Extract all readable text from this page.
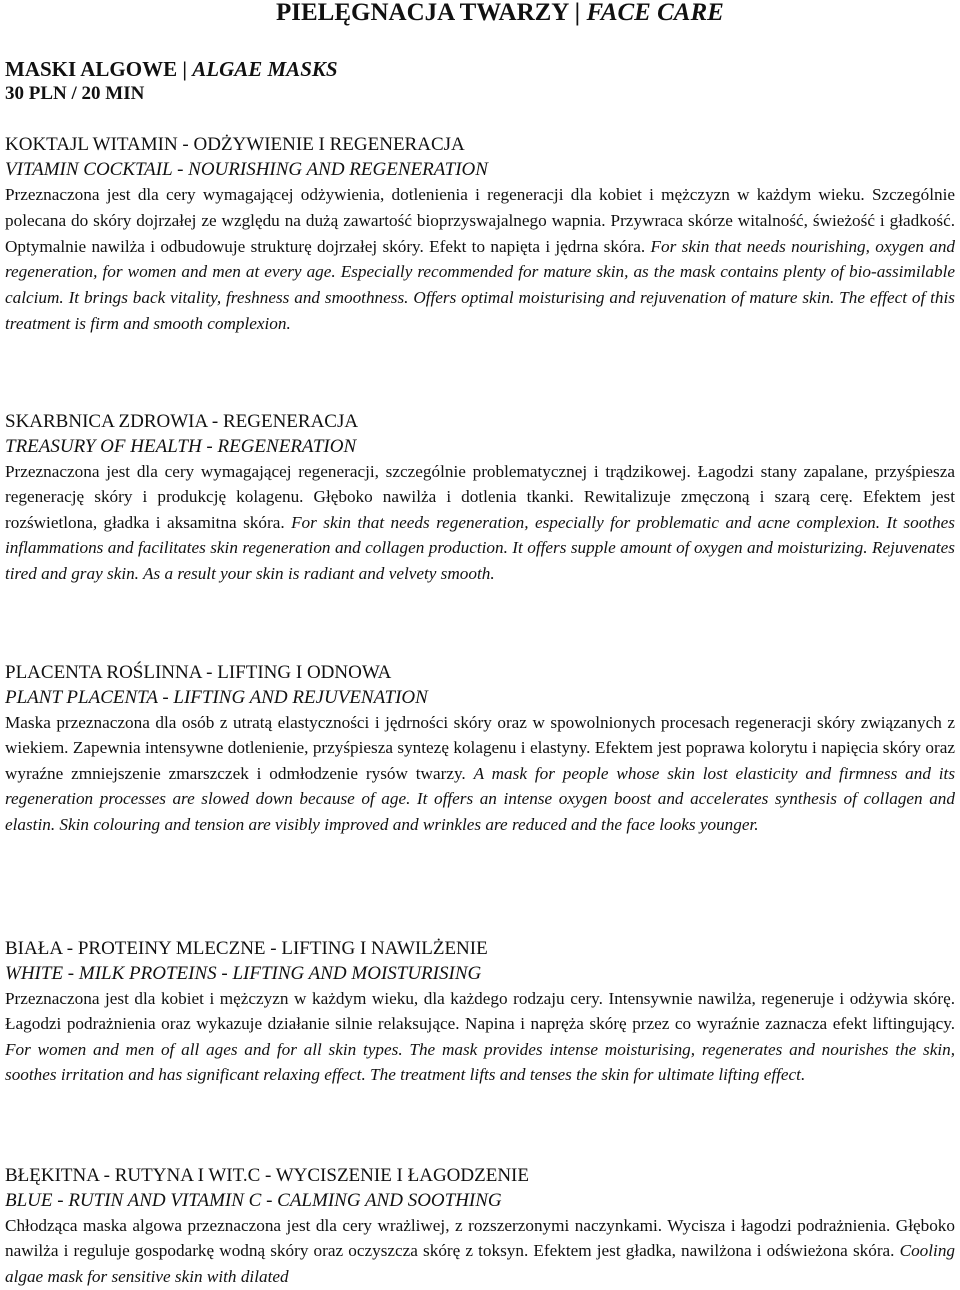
PIELĘGNACJA TWARZY | FACE CARE
MASKI ALGOWE | ALGAE MASKS
30 PLN / 20 MIN
KOKTAJL WITAMIN - ODŻYWIENIE I REGENERACJA
VITAMIN COCKTAIL - NOURISHING AND REGENERATION

Przeznaczona jest dla cery wymagającej odżywienia, dotlenienia i regeneracji dla kobiet i mężczyzn w każdym wieku. Szczególnie polecana do skóry dojrzałej ze względu na dużą zawartość bioprzyswajalnego wapnia. Przywraca skórze witalność, świeżość i gładkość. Optymalnie nawilża i odbudowuje strukturę dojrzałej skóry. Efekt to napięta i jędrna skóra. For skin that needs nourishing, oxygen and regeneration, for women and men at every age. Especially recommended for mature skin, as the mask contains plenty of bio-assimilable calcium. It brings back vitality, freshness and smoothness. Offers optimal moisturising and rejuvenation of mature skin. The effect of this treatment is firm and smooth complexion.

SKARBNICA ZDROWIA - REGENERACJA
TREASURY OF HEALTH - REGENERATION

Przeznaczona jest dla cery wymagającej regeneracji, szczególnie problematycznej i trądzikowej. Łagodzi stany zapalane, przyśpiesza regenerację skóry i produkcję kolagenu. Głęboko nawilża i dotlenia tkanki. Rewitalizuje zmęczoną i szarą cerę. Efektem jest rozświetlona, gładka i aksamitna skóra. For skin that needs regeneration, especially for problematic and acne complexion. It soothes inflammations and facilitates skin regeneration and collagen production. It offers supple amount of oxygen and moisturizing. Rejuvenates tired and gray skin. As a result your skin is radiant and velvety smooth.

PLACENTA ROŚLINNA - LIFTING I ODNOWA
PLANT PLACENTA - LIFTING AND REJUVENATION

Maska przeznaczona dla osób z utratą elastyczności i jędrności skóry oraz w spowolnionych procesach regeneracji skóry związanych z wiekiem. Zapewnia intensywne dotlenienie, przyśpiesza syntezę kolagenu i elastyny. Efektem jest poprawa kolorytu i napięcia skóry oraz wyraźne zmniejszenie zmarszczek i odmłodzenie rysów twarzy. A mask for people whose skin lost elasticity and firmness and its regeneration processes are slowed down because of age. It offers an intense oxygen boost and accelerates synthesis of collagen and elastin. Skin colouring and tension are visibly improved and wrinkles are reduced and the face looks younger.

BIAŁA - PROTEINY MLECZNE - LIFTING I NAWILŻENIE
WHITE - MILK PROTEINS - LIFTING AND MOISTURISING

Przeznaczona jest dla kobiet i mężczyzn w każdym wieku, dla każdego rodzaju cery. Intensywnie nawilża, regeneruje i odżywia skórę. Łagodzi podrażnienia oraz wykazuje działanie silnie relaksujące. Napina i napręża skórę przez co wyraźnie zaznacza efekt liftingujący. For women and men of all ages and for all skin types. The mask provides intense moisturising, regenerates and nourishes the skin, soothes irritation and has significant relaxing effect. The treatment lifts and tenses the skin for ultimate lifting effect.

BŁĘKITNA - RUTYNA I WIT.C - WYCISZENIE I ŁAGODZENIE
BLUE - RUTIN AND VITAMIN C - CALMING AND SOOTHING

Chłodząca maska algowa przeznaczona jest dla cery wrażliwej, z rozszerzonymi naczynkami. Wycisza i łagodzi podrażnienia. Głęboko nawilża i reguluje gospodarkę wodną skóry oraz oczyszcza skórę z toksyn. Efektem jest gładka, nawilżona i odświeżona skóra. Cooling algae mask for sensitive skin with dilated
